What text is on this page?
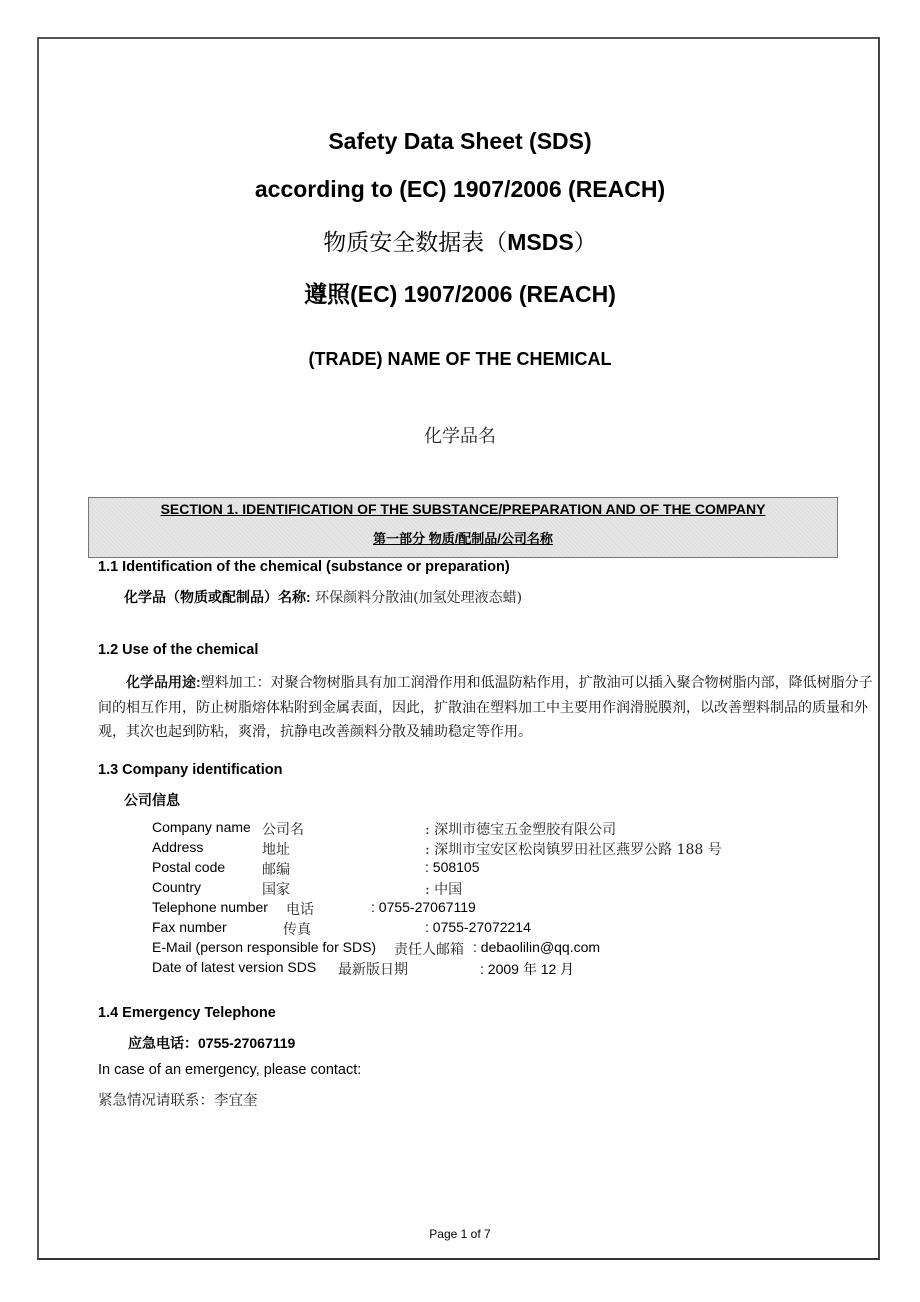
Safety Data Sheet (SDS)
according to (EC) 1907/2006 (REACH)
物质安全数据表（MSDS）
遵照(EC) 1907/2006 (REACH)
(TRADE) NAME OF THE CHEMICAL
化学品名
SECTION 1. IDENTIFICATION OF THE SUBSTANCE/PREPARATION AND OF THE COMPANY
第一部分 物质/配制品/公司名称
1.1 Identification of the chemical (substance or preparation)
化学品（物质或配制品）名称: 环保颜料分散油(加氢处理液态蜡)
1.2 Use of the chemical
化学品用途:塑料加工：对聚合物树脂具有加工润滑作用和低温防粘作用，扩散油可以插入聚合物树脂内部，降低树脂分子间的相互作用，防止树脂熔体粘附到金属表面，因此，扩散油在塑料加工中主要用作润滑脱膜剂，以改善塑料制品的质量和外观，其次也起到防粘，爽滑，抗静电改善颜料分散及辅助稳定等作用。
1.3 Company identification
公司信息
Company name 公司名	: 深圳市德宝五金塑胶有限公司
Address	地址	: 深圳市宝安区松岗镇罗田社区燕罗公路 188 号
Postal code	邮编	: 508105
Country	国家	: 中国
Telephone number 电话	: 0755-27067119
Fax number	传真	: 0755-27072214
E-Mail (person responsible for SDS) 责任人邮箱 : debaolilin@qq.com
Date of latest version SDS 最新版日期	: 2009 年 12 月
1.4 Emergency Telephone
应急电话：0755-27067119
In case of an emergency, please contact:
紧急情况请联系：李宜奎
Page 1 of 7
